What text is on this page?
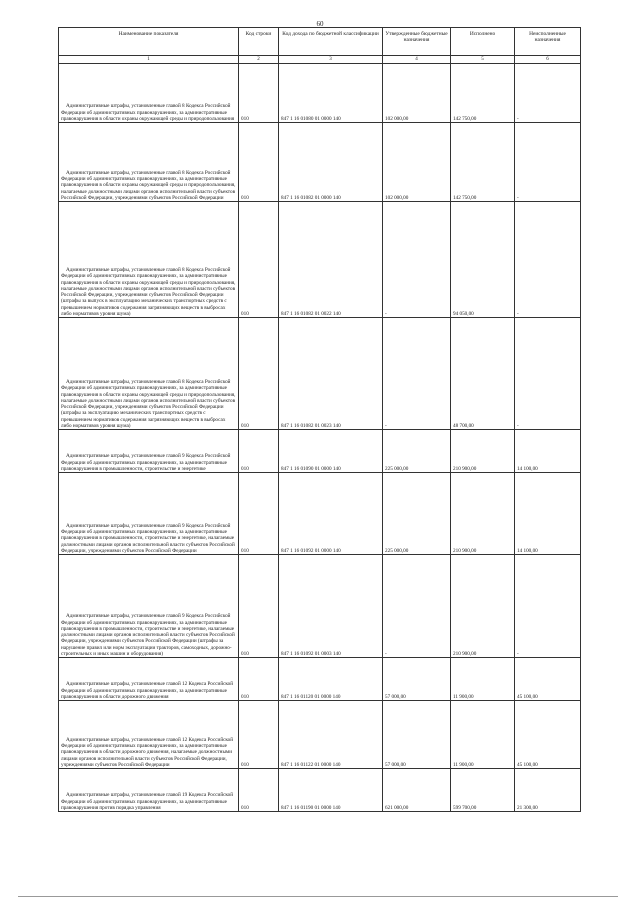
60
Наименование показателя	Код строки	Код дохода по бюджетной классификации	Утвержденные бюджетные назначения	Исполнено	Неисполненные назначения
1	2	3	4	5	6

Административные штрафы, установленные главой 8 Кодекса Российской Федерации об административных правонарушениях, за административные правонарушения в области охраны окружающей среды и природопользования	010	847 1 16 01080 01 0000 140	102 000,00	142 750,00	-

Административные штрафы, установленные главой 8 Кодекса Российской Федерации об административных правонарушениях, за административные правонарушения в области охраны окружающей среды и природопользования, налагаемые должностными лицами органов исполнительной власти субъектов Российской Федерации, учреждениями субъектов Российской Федерации	010	847 1 16 01082 01 0000 140	102 000,00	142 750,00	-

Административные штрафы, установленные главой 8 Кодекса Российской Федерации об административных правонарушениях, за административные правонарушения в области охраны окружающей среды и природопользования, налагаемые должностными лицами органов исполнительной власти субъектов Российской Федерации, учреждениями субъектов Российской Федерации (штрафы за выпуск в эксплуатацию механических транспортных средств с превышением нормативов содержания загрязняющих веществ в выбросах либо нормативов уровня шума)	010	847 1 16 01082 01 0022 140	-	94 050,00	-

Административные штрафы, установленные главой 8 Кодекса Российской Федерации об административных правонарушениях, за административные правонарушения в области охраны окружающей среды и природопользования, налагаемые должностными лицами органов исполнительной власти субъектов Российской Федерации, учреждениями субъектов Российской Федерации (штрафы за эксплуатацию механических транспортных средств с превышением нормативов содержания загрязняющих веществ в выбросах либо нормативов уровня шума)	010	847 1 16 01082 01 0023 140	-	48 700,00	-

Административные штрафы, установленные главой 9 Кодекса Российской Федерации об административных правонарушениях, за административные правонарушения в промышленности, строительстве и энергетике	010	847 1 16 01090 01 0000 140	225 000,00	210 900,00	14 100,00

Административные штрафы, установленные главой 9 Кодекса Российской Федерации об административных правонарушениях, за административные правонарушения в промышленности, строительстве и энергетике, налагаемые должностными лицами органов исполнительной власти субъектов Российской Федерации, учреждениями субъектов Российской Федерации	010	847 1 16 01092 01 0000 140	225 000,00	210 900,00	14 100,00

Административные штрафы, установленные главой 9 Кодекса Российской Федерации об административных правонарушениях, за административные правонарушения в промышленности, строительстве и энергетике, налагаемые должностными лицами органов исполнительной власти субъектов Российской Федерации, учреждениями субъектов Российской Федерации (штрафы за нарушение правил или норм эксплуатации тракторов, самоходных, дорожно-строительных и иных машин и оборудования)	010	847 1 16 01092 01 0003 140	-	210 900,00	-

Административные штрафы, установленные главой 12 Кодекса Российской Федерации об административных правонарушениях, за административные правонарушения в области дорожного движения	010	847 1 16 01120 01 0000 140	57 000,00	11 900,00	45 100,00

Административные штрафы, установленные главой 12 Кодекса Российской Федерации об административных правонарушениях, за административные правонарушения в области дорожного движения, налагаемые должностными лицами органов исполнительной власти субъектов Российской Федерации, учреждениями субъектов Российской Федерации	010	847 1 16 01122 01 0000 140	57 000,00	11 900,00	45 100,00

Административные штрафы, установленные главой 19 Кодекса Российской Федерации об административных правонарушениях, за административные правонарушения против порядка управления	010	847 1 16 01190 01 0000 140	621 000,00	599 700,00	21 300,00
